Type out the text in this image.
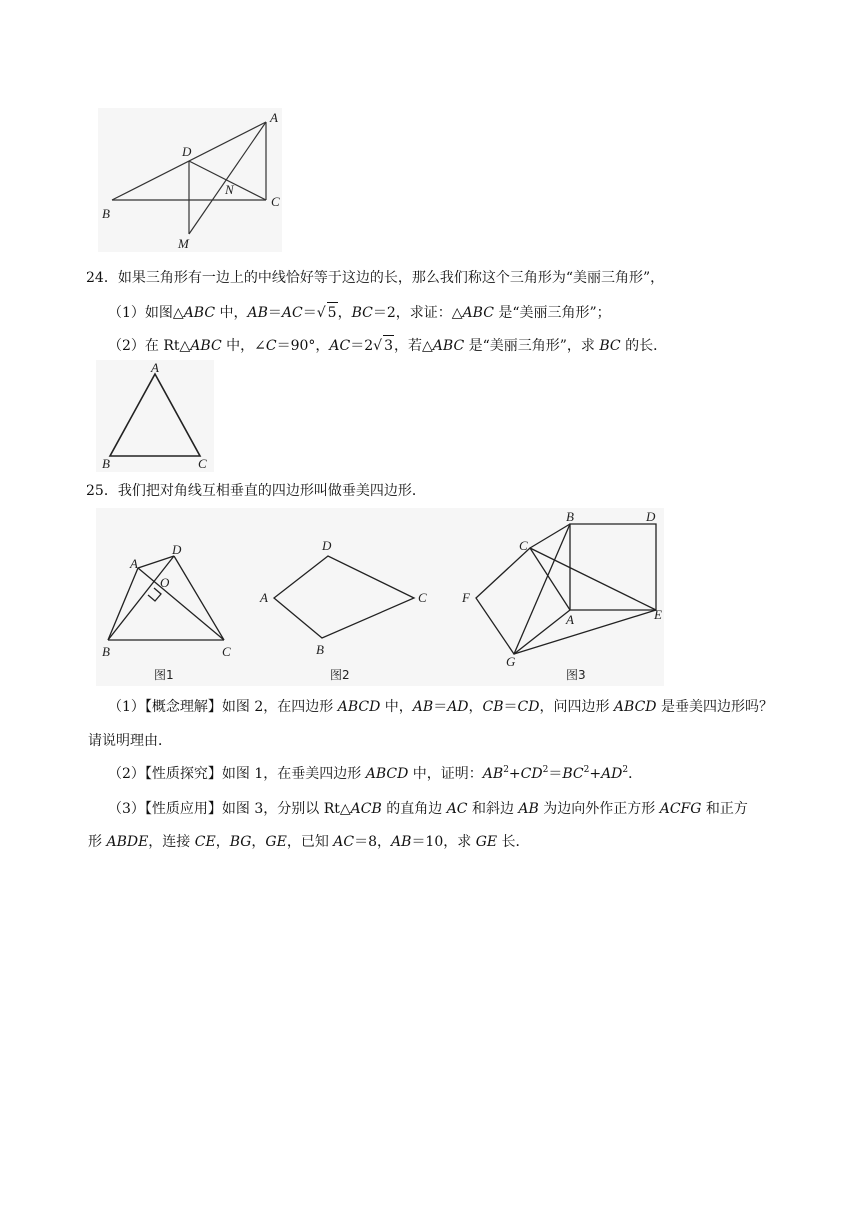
A
D
N
B
C
M
24．如果三角形有一边上的中线恰好等于这边的长，那么我们称这个三角形为“美丽三角形”，
（1）如图△ABC 中，AB＝AC＝√ 5，BC＝2，求证：△ABC 是“美丽三角形”；
（2）在 Rt△ABC 中，∠C＝90°，AC＝2√ 3，若△ABC 是“美丽三角形”，求 BC 的长．
A
B	C
25．我们把对角线互相垂直的四边形叫做垂美四边形．
A
D
O
B	C
图1
D
A	C
B
图2
B	D
C
F
A	E
G
图3
（1）【概念理解】如图 2，在四边形 ABCD 中，AB＝AD，CB＝CD，问四边形 ABCD 是垂美四边形吗？
请说明理由．
（2）【性质探究】如图 1，在垂美四边形 ABCD 中，证明：$AB^2+CD^2=BC^2+AD^2$．
（3）【性质应用】如图 3，分别以 Rt△ACB 的直角边 AC 和斜边 AB 为边向外作正方形 ACFG 和正方
形 ABDE，连接 CE，BG，GE，已知 AC＝8，AB＝10，求 GE 长．
